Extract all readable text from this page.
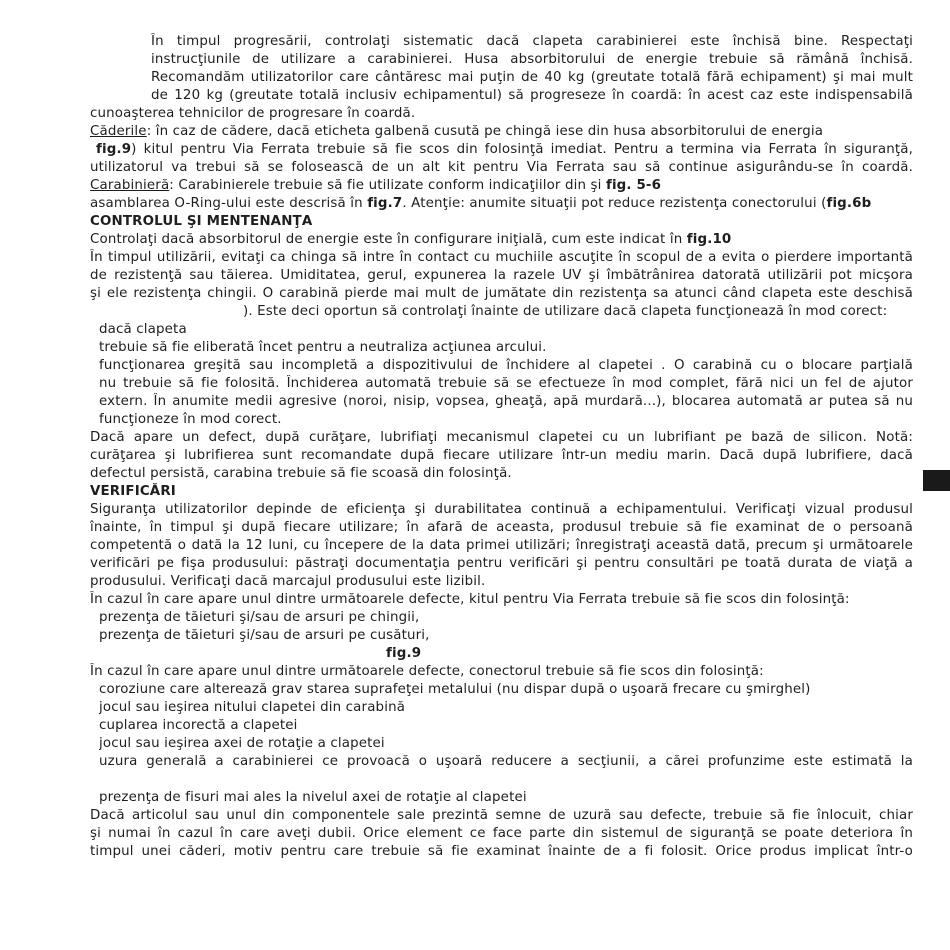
În timpul progresării, controlaţi sistematic dacă clapeta carabinierei este închisă bine. Respectaţi
instrucţiunile de utilizare a carabinierei. Husa absorbitorului de energie trebuie să rămână închisă.
Recomandăm utilizatorilor care cântăresc mai puţin de 40 kg (greutate totală fără echipament) şi mai mult
de 120 kg (greutate totală inclusiv echipamentul) să progreseze în coardă: în acest caz este indispensabilă
cunoaşterea tehnicilor de progresare în coardă.
Căderile: în caz de cădere, dacă eticheta galbenă cusută pe chingă iese din husa absorbitorului de energia
fig.9) kitul pentru Via Ferrata trebuie să fie scos din folosinţă imediat. Pentru a termina via Ferrata în siguranţă,
utilizatorul va trebui să se folosească de un alt kit pentru Via Ferrata sau să continue asigurându-se în coardă.
Carabinieră: Carabinierele trebuie să fie utilizate conform indicaţiilor din şi fig. 5-6
asamblarea O-Ring-ului este descrisă în fig.7. Atenţie: anumite situaţii pot reduce rezistenţa conectorului (fig.6b
CONTROLUL ŞI MENTENANŢA
Controlaţi dacă absorbitorul de energie este în configurare iniţială, cum este indicat în fig.10
În timpul utilizării, evitaţi ca chinga să intre în contact cu muchiile ascuţite în scopul de a evita o pierdere importantă
de rezistenţă sau tăierea. Umiditatea, gerul, expunerea la razele UV şi îmbătrânirea datorată utilizării pot micşora
şi ele rezistenţa chingii. O carabină pierde mai mult de jumătate din rezistenţa sa atunci când clapeta este deschisă
). Este deci oportun să controlaţi înainte de utilizare dacă clapeta funcţionează în mod corect:
dacă clapeta
trebuie să fie eliberată încet pentru a neutraliza acţiunea arcului.
funcţionarea greşită sau incompletă a dispozitivului de închidere al clapetei . O carabină cu o blocare parţială
nu trebuie să fie folosită. Închiderea automată trebuie să se efectueze în mod complet, fără nici un fel de ajutor
extern. În anumite medii agresive (noroi, nisip, vopsea, gheaţă, apă murdară...), blocarea automată ar putea să nu
funcţioneze în mod corect.
Dacă apare un defect, după curăţare, lubrifiaţi mecanismul clapetei cu un lubrifiant pe bază de silicon. Notă:
curăţarea şi lubrifierea sunt recomandate după fiecare utilizare într-un mediu marin. Dacă după lubrifiere, dacă
defectul persistă, carabina trebuie să fie scoasă din folosinţă.
VERIFICĂRI
Siguranţa utilizatorilor depinde de eficienţa şi durabilitatea continuă a echipamentului. Verificaţi vizual produsul
înainte, în timpul şi după fiecare utilizare; în afară de aceasta, produsul trebuie să fie examinat de o persoană
competentă o dată la 12 luni, cu începere de la data primei utilizări; înregistraţi această dată, precum şi următoarele
verificări pe fişa produsului: păstraţi documentaţia pentru verificări şi pentru consultări pe toată durata de viaţă a
produsului. Verificaţi dacă marcajul produsului este lizibil.
În cazul în care apare unul dintre următoarele defecte, kitul pentru Via Ferrata trebuie să fie scos din folosinţă:
prezenţa de tăieturi şi/sau de arsuri pe chingii,
prezenţa de tăieturi şi/sau de arsuri pe cusături,
fig.9
În cazul în care apare unul dintre următoarele defecte, conectorul trebuie să fie scos din folosinţă:
coroziune care alterează grav starea suprafeţei metalului (nu dispar după o uşoară frecare cu şmirghel)
jocul sau ieşirea nitului clapetei din carabină
cuplarea incorectă a clapetei
jocul sau ieşirea axei de rotaţie a clapetei
uzura generală a carabinierei ce provoacă o uşoară reducere a secţiunii, a cărei profunzime este estimată la
prezenţa de fisuri mai ales la nivelul axei de rotaţie al clapetei
Dacă articolul sau unul din componentele sale prezintă semne de uzură sau defecte, trebuie să fie înlocuit, chiar
şi numai în cazul în care aveţi dubii. Orice element ce face parte din sistemul de siguranţă se poate deteriora în
timpul unei căderi, motiv pentru care trebuie să fie examinat înainte de a fi folosit. Orice produs implicat într-o
